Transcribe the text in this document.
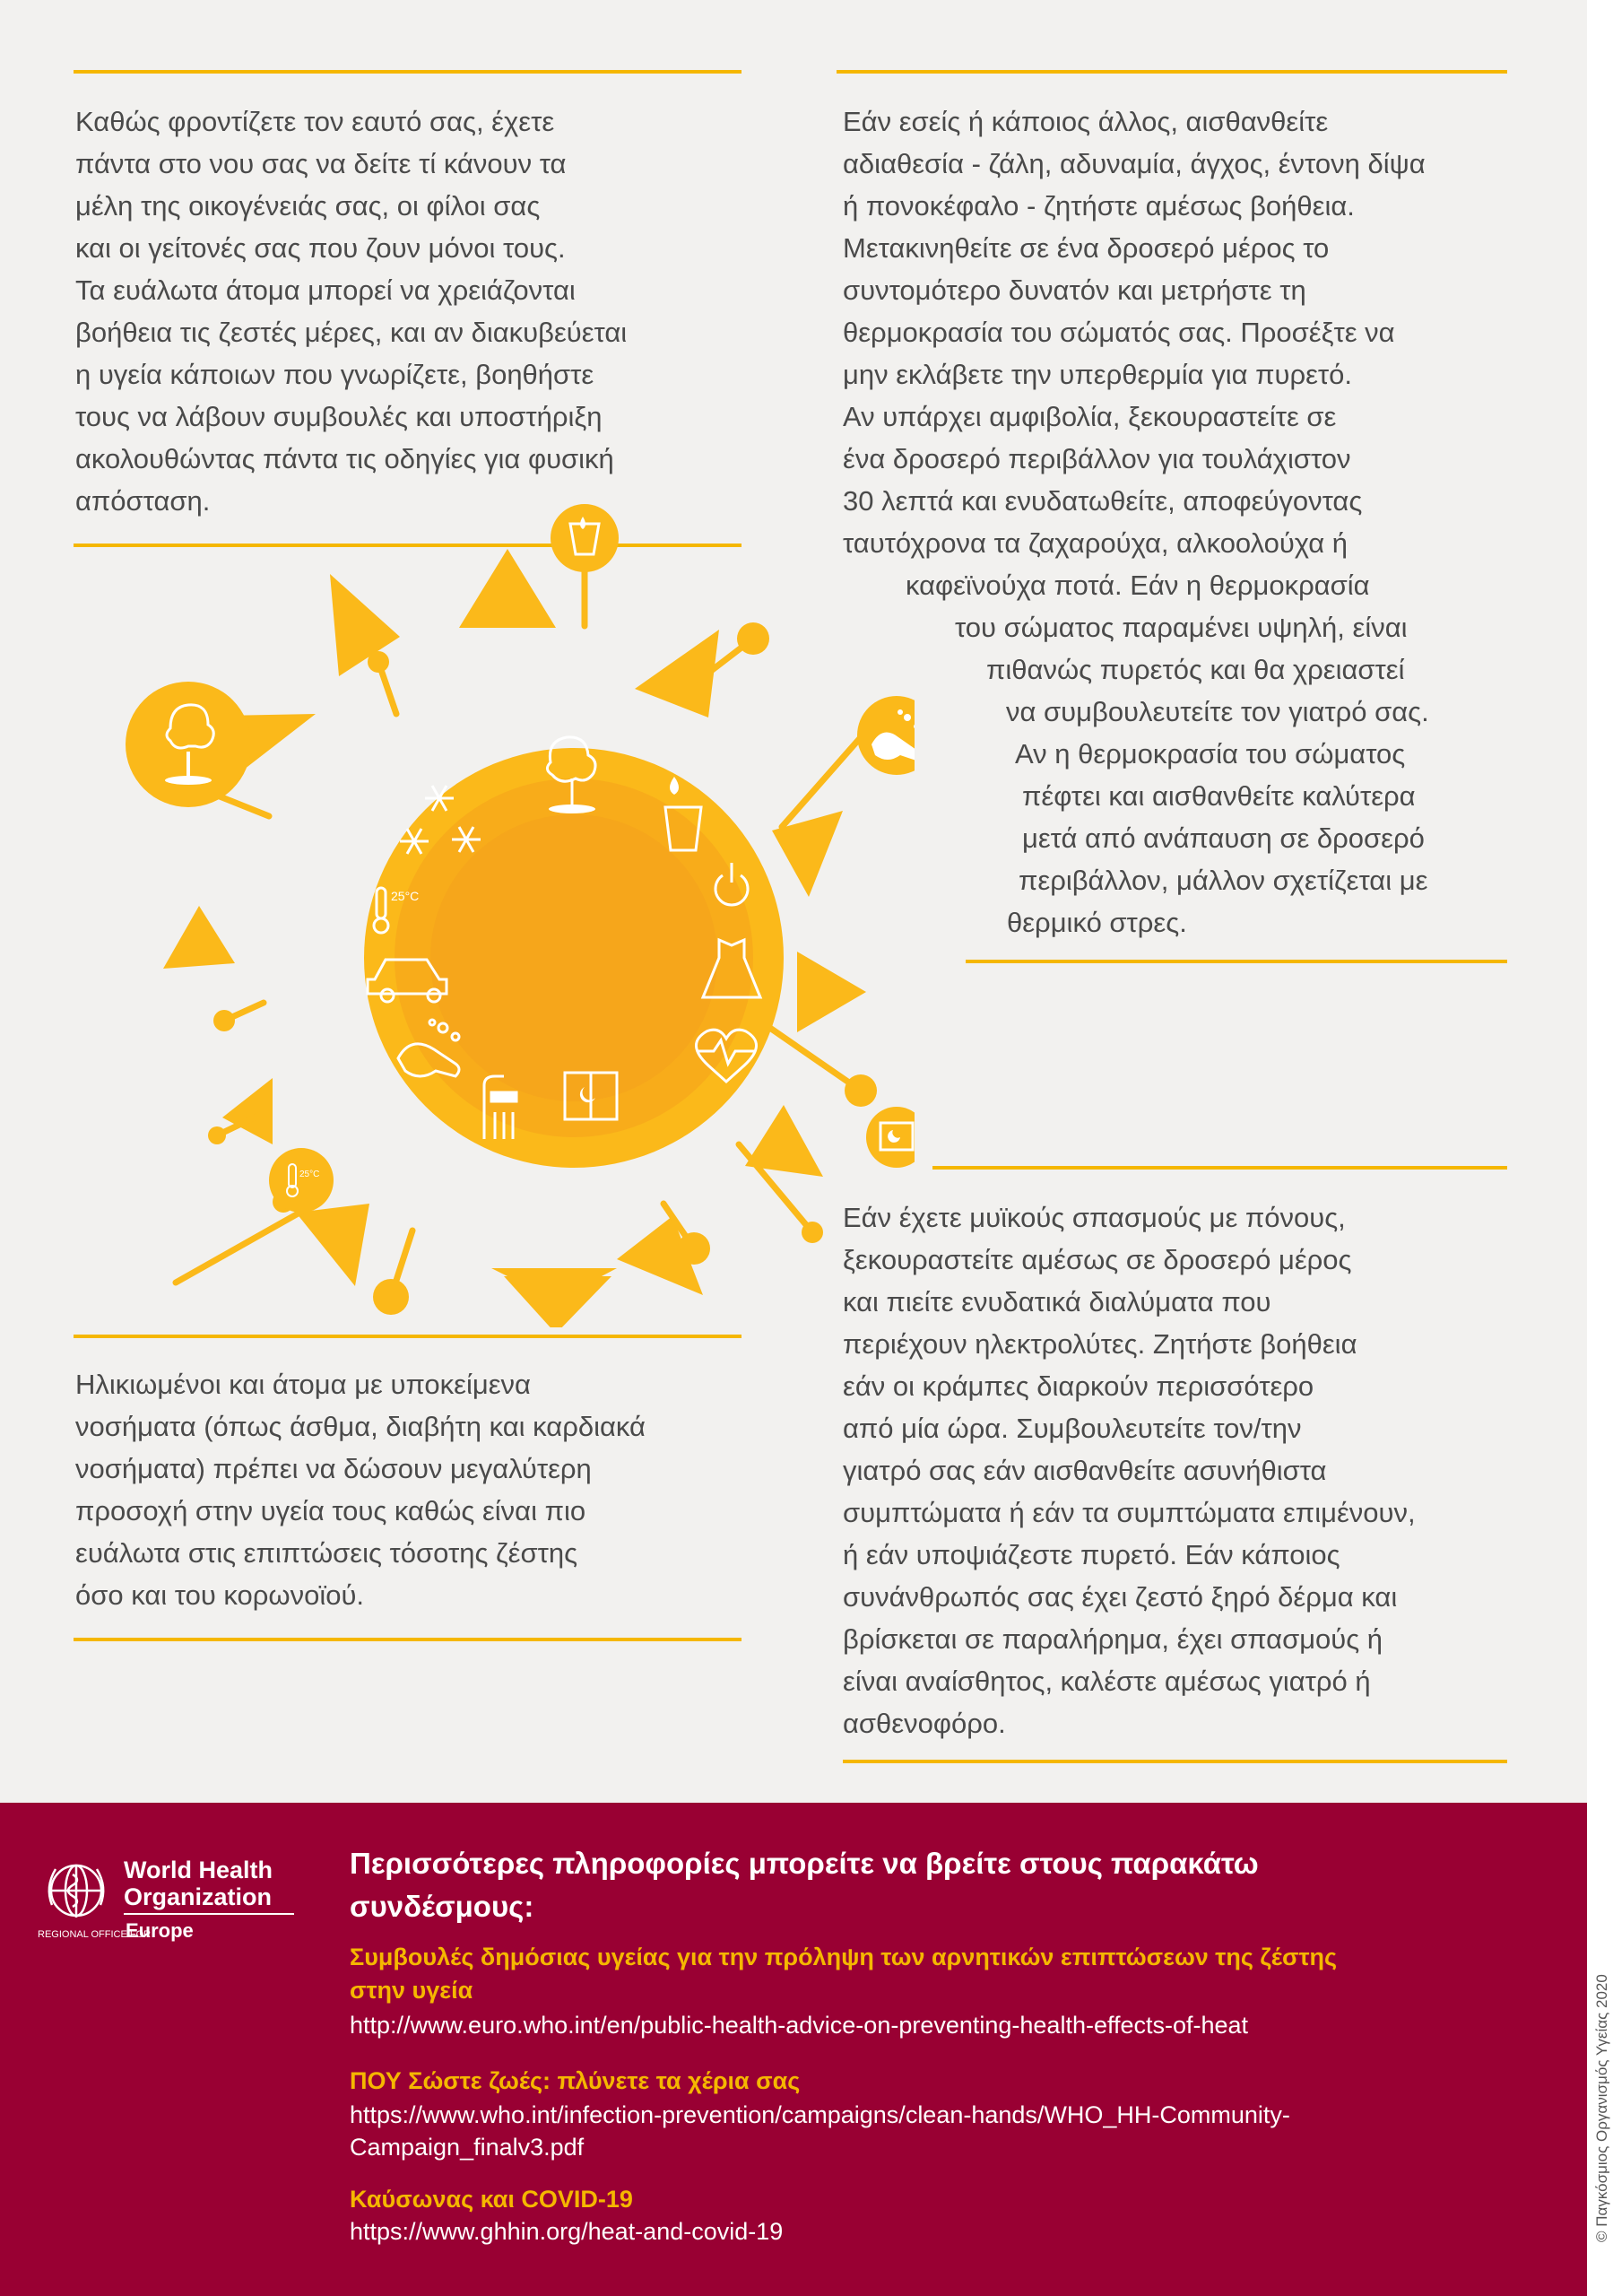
Καθώς φροντίζετε τον εαυτό σας, έχετε
πάντα στο νου σας να δείτε τί κάνουν τα
μέλη της οικογένειάς σας, οι φίλοι σας
και οι γείτονές σας που ζουν μόνοι τους.
Τα ευάλωτα άτομα μπορεί να χρειάζονται
βοήθεια τις ζεστές μέρες, και αν διακυβεύεται
η υγεία κάποιων που γνωρίζετε, βοηθήστε
τους να λάβουν συμβουλές και υποστήριξη
ακολουθώντας πάντα τις οδηγίες για φυσική
απόσταση.
Εάν εσείς ή κάποιος άλλος, αισθανθείτε
αδιαθεσία - ζάλη, αδυναμία, άγχος, έντονη δίψα
ή πονοκέφαλο - ζητήστε αμέσως βοήθεια.
Μετακινηθείτε σε ένα δροσερό μέρος το
συντομότερο δυνατόν και μετρήστε τη
θερμοκρασία του σώματός σας. Προσέξτε να
μην εκλάβετε την υπερθερμία για πυρετό.
Αν υπάρχει αμφιβολία, ξεκουραστείτε σε
ένα δροσερό περιβάλλον για τουλάχιστον
30 λεπτά και ενυδατωθείτε, αποφεύγοντας
ταυτόχρονα τα ζαχαρούχα, αλκοολούχα ή
καφεϊνούχα ποτά. Εάν η θερμοκρασία
του σώματος παραμένει υψηλή, είναι
πιθανώς πυρετός και θα χρειαστεί
να συμβουλευτείτε τον γιατρό σας.
Αν η θερμοκρασία του σώματος
πέφτει και αισθανθείτε καλύτερα
μετά από ανάπαυση σε δροσερό
περιβάλλον, μάλλον σχετίζεται με
θερμικό στρες.
25°C
25°C
Ηλικιωμένοι και άτομα με υποκείμενα
νοσήματα (όπως άσθμα, διαβήτη και καρδιακά
νοσήματα) πρέπει να δώσουν μεγαλύτερη
προσοχή στην υγεία τους καθώς είναι πιο
ευάλωτα στις επιπτώσεις τόσοτης ζέστης
όσο και του κορωνοϊού.
Εάν έχετε μυϊκούς σπασμούς με πόνους,
ξεκουραστείτε αμέσως σε δροσερό μέρος
και πιείτε ενυδατικά διαλύματα που
περιέχουν ηλεκτρολύτες. Ζητήστε βοήθεια
εάν οι κράμπες διαρκούν περισσότερο
από μία ώρα. Συμβουλευτείτε τον/την
γιατρό σας εάν αισθανθείτε ασυνήθιστα
συμπτώματα ή εάν τα συμπτώματα επιμένουν,
ή εάν υποψιάζεστε πυρετό. Εάν κάποιος
συνάνθρωπός σας έχει ζεστό ξηρό δέρμα και
βρίσκεται σε παραλήρημα, έχει σπασμούς ή
είναι αναίσθητος, καλέστε αμέσως γιατρό ή
ασθενοφόρο.
World Health
Organization
REGIONAL OFFICE FOR
Europe

Περισσότερες πληροφορίες μπορείτε να βρείτε στους παρακάτω
συνδέσμους:

Συμβουλές δημόσιας υγείας για την πρόληψη των αρνητικών επιπτώσεων της ζέστης
στην υγεία

http://www.euro.who.int/en/public-health-advice-on-preventing-health-effects-of-heat

ΠΟΥ Σώστε ζωές: πλύνετε τα χέρια σας

https://www.who.int/infection-prevention/campaigns/clean-hands/WHO_HH-Community-
Campaign_finalv3.pdf

Καύσωνας και COVID-19

https://www.ghhin.org/heat-and-covid-19	© Παγκόσμιος Οργανισμός Υγείας 2020
